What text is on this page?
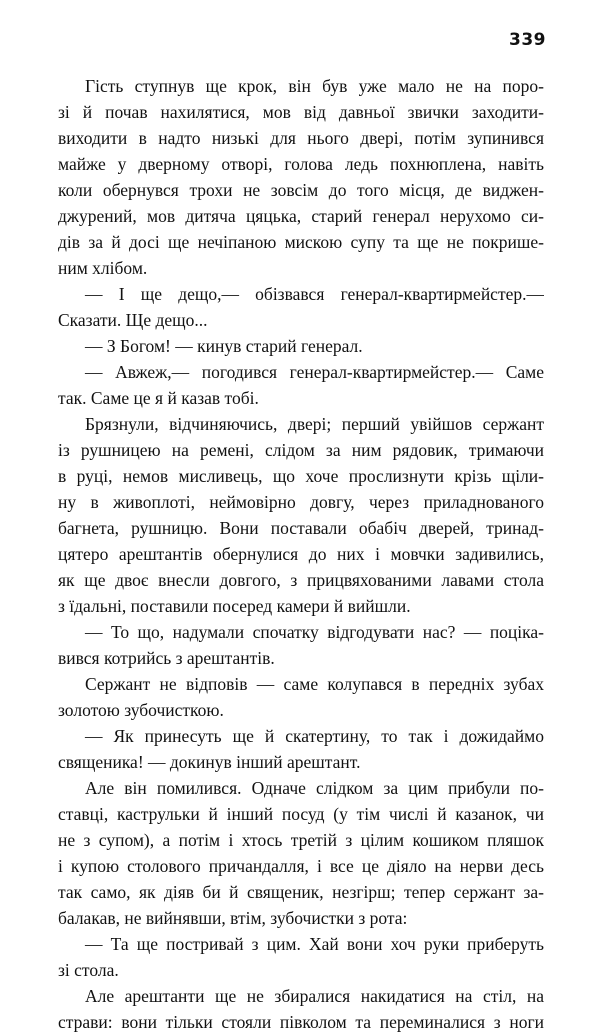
339

Гість ступнув ще крок, він був уже мало не на поро-
зі й почав нахилятися, мов від давньої звички заходити-
виходити в надто низькі для нього двері, потім зупинився
майже у дверному отворі, голова ледь похнюплена, навіть
коли обернувся трохи не зовсім до того місця, де виджен-
джурений, мов дитяча цяцька, старий генерал нерухомо си-
дів за й досі ще нечіпаною мискою супу та ще не покрише-
ним хлібом.
— І ще дещо,— обізвався генерал-квартирмейстер.—
Сказати. Ще дещо...
— З Богом! — кинув старий генерал.
— Авжеж,— погодився генерал-квартирмейстер.— Саме
так. Саме це я й казав тобі.
Брязнули, відчиняючись, двері; перший увійшов сержант
із рушницею на ремені, слідом за ним рядовик, тримаючи
в руці, немов мисливець, що хоче прослизнути крізь щіли-
ну в живоплоті, неймовірно довгу, через приладнованого
багнета, рушницю. Вони поставали обабіч дверей, тринад-
цятеро арештантів обернулися до них і мовчки задивились,
як ще двоє внесли довгого, з прицвяхованими лавами стола
з їдальні, поставили посеред камери й вийшли.
— То що, надумали спочатку відгодувати нас? — поціка-
вився котрийсь з арештантів.
Сержант не відповів — саме колупався в передніх зубах
золотою зубочисткою.
— Як принесуть ще й скатертину, то так і дожидаймо
священика! — докинув інший арештант.
Але він помилився. Одначе слідком за цим прибули по-
ставці, каструльки й інший посуд (у тім числі й казанок, чи
не з супом), а потім і хтось третій з цілим кошиком пляшок
і купою столового причандалля, і все це діяло на нерви десь
так само, як діяв би й священик, незгірш; тепер сержант за-
балакав, не вийнявши, втім, зубочистки з рота:
— Та ще постривай з цим. Хай вони хоч руки приберуть
зі стола.
Але арештанти ще не збиралися накидатися на стіл, на
страви: вони тільки стояли півколом та переминалися з ноги
